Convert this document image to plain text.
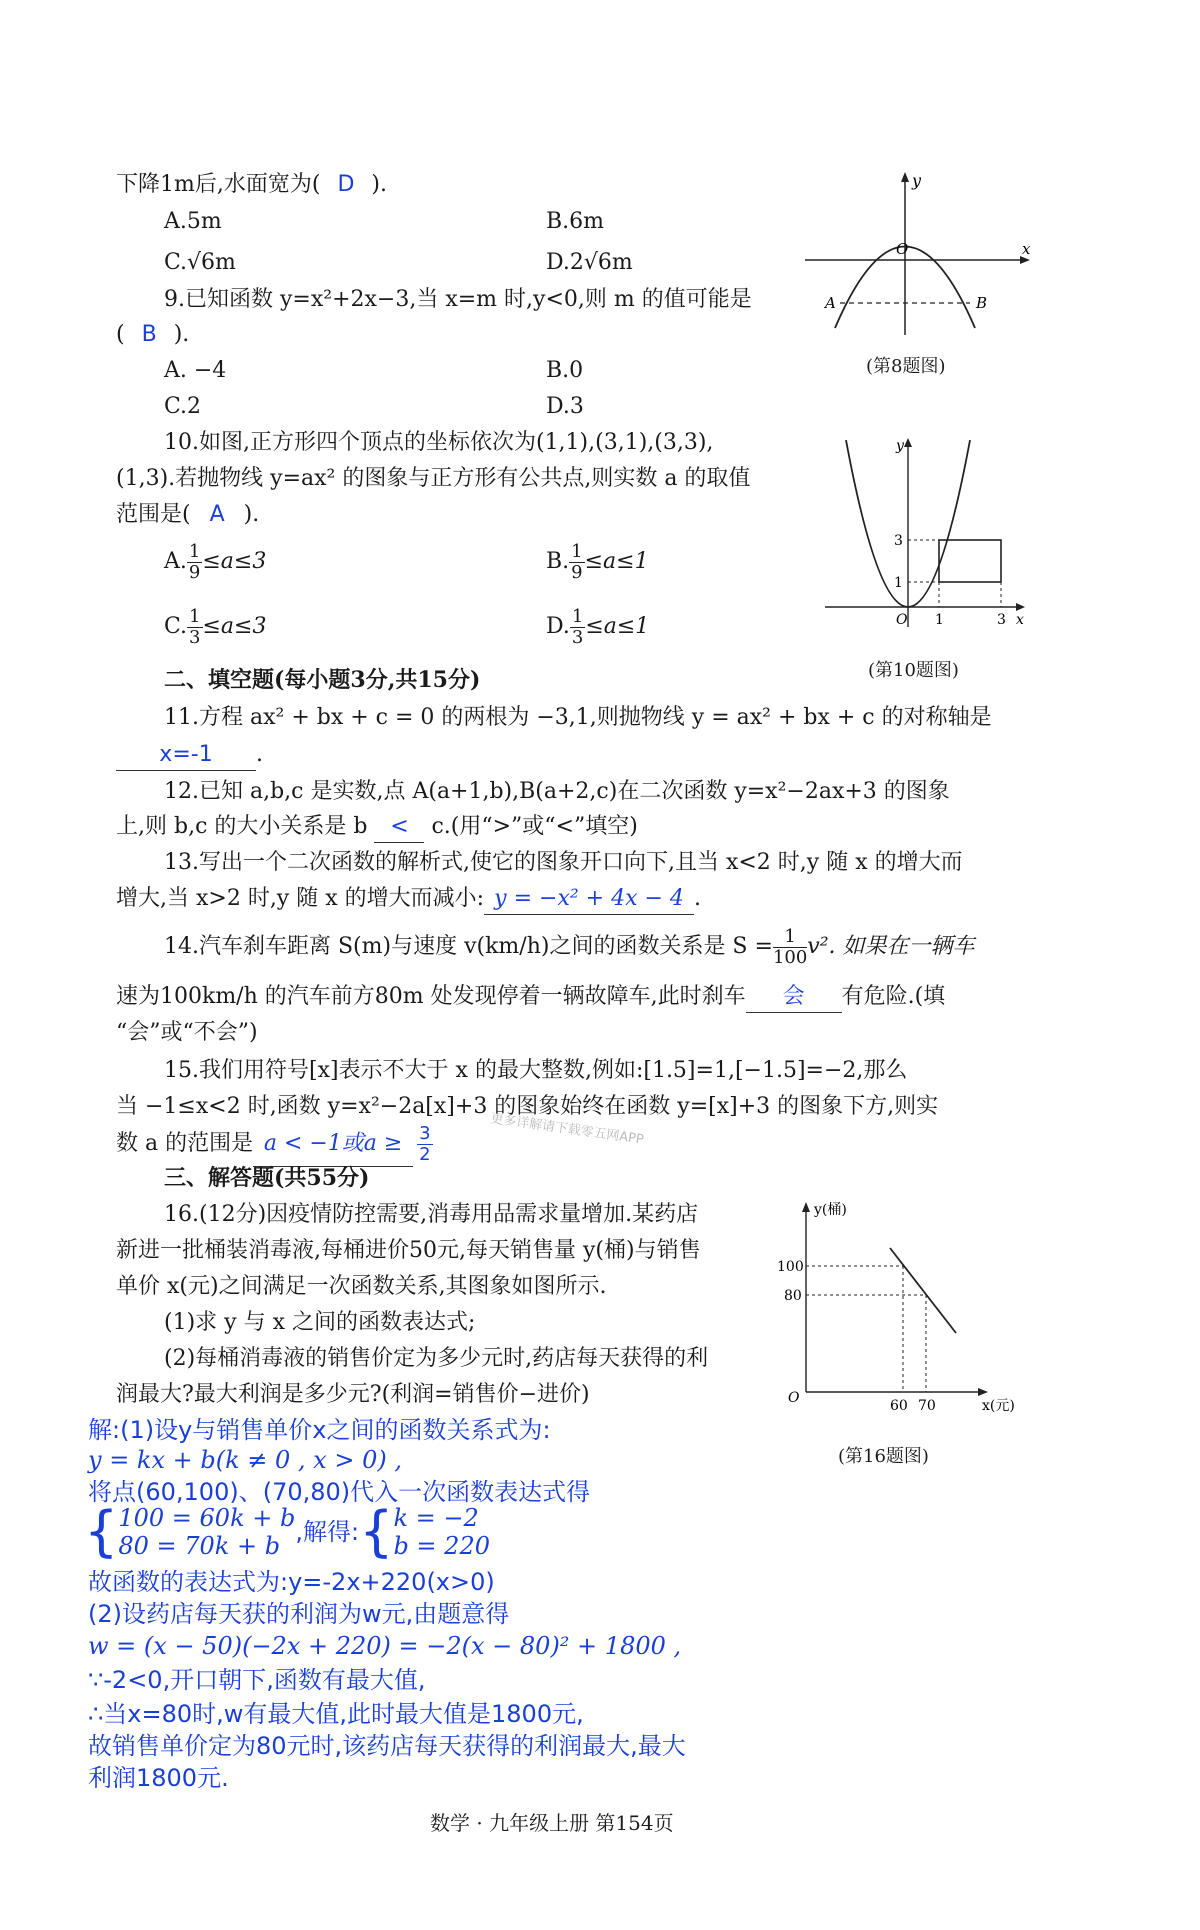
下降1m后,水面宽为( D ).
A.5m	B.6m
C.√6m	D.2√6m
y
x
O
A	B
(第8题图)
9.已知函数 y=x²+2x−3,当 x=m 时,y<0,则 m 的值可能是
( B ).
A. −4	B.0
C.2	D.3
10.如图,正方形四个顶点的坐标依次为(1,1),(3,1),(3,3),
(1,3).若抛物线 y=ax² 的图象与正方形有公共点,则实数 a 的取值
范围是( A ).
A. $\frac{1}{9} \le a\le 3$	B. $\frac{1}{9} \le a\le 1$
C. $\frac{1}{3} \le a\le 3$	D. $\frac{1}{3} \le a\le 1$
y
x
O 1	3
3
1
(第10题图)
二、填空题(每小题3分,共15分)
11.方程 ax² + bx + c = 0 的两根为 −3,1,则抛物线 y = ax² + bx + c 的对称轴是
x=-1 .
12.已知 a,b,c 是实数,点 A(a+1,b),B(a+2,c)在二次函数 y=x²−2ax+3 的图象
上,则 b,c 的大小关系是 b < c.(用“>”或“<”填空)
13.写出一个二次函数的解析式,使它的图象开口向下,且当 x<2 时,y 随 x 的增大而
增大,当 x>2 时,y 随 x 的增大而减小: y = −x² + 4x − 4 .
14.汽车刹车距离 S(m)与速度 v(km/h)之间的函数关系是 $S = \frac{1}{100} v^2$. 如果在一辆车
速为100km/h 的汽车前方80m 处发现停着一辆故障车,此时刹车 会 有危险.(填
“会”或“不会”)
15.我们用符号[x]表示不大于 x 的最大整数,例如:[1.5]=1,[−1.5]=−2,那么
当 −1≤x<2 时,函数 y=x²−2a[x]+3 的图象始终在函数 y=[x]+3 的图象下方,则实
数 a 的范围是 a < −1或$a \ge \frac{3}{2}$	更多详解请下载零五网APP
三、解答题(共55分)
16.(12分)因疫情防控需要,消毒用品需求量增加.某药店
新进一批桶装消毒液,每桶进价50元,每天销售量 y(桶)与销售
单价 x(元)之间满足一次函数关系,其图象如图所示.
(1)求 y 与 x 之间的函数表达式;
(2)每桶消毒液的销售价定为多少元时,药店每天获得的利
润最大?最大利润是多少元?(利润=销售价−进价)
y(桶)
x(元)
O
100
80
60 70
(第16题图)
解:(1)设y与销售单价x之间的函数关系式为:
y = kx + b(k ≠ 0 , x > 0) ,
将点(60,100)、(70,80)代入一次函数表达式得
{ 100 = 60k + b
80 = 70k + b ,解得:{ k = −2
b = 220
故函数的表达式为:y=-2x+220(x>0)
(2)设药店每天获的利润为w元,由题意得
w = (x − 50)(−2x + 220) = −2(x − 80)² + 1800 ,
∵-2<0,开口朝下,函数有最大值,
∴当x=80时,w有最大值,此时最大值是1800元,
故销售单价定为80元时,该药店每天获得的利润最大,最大
利润1800元.
数学 · 九年级上册 第154页
